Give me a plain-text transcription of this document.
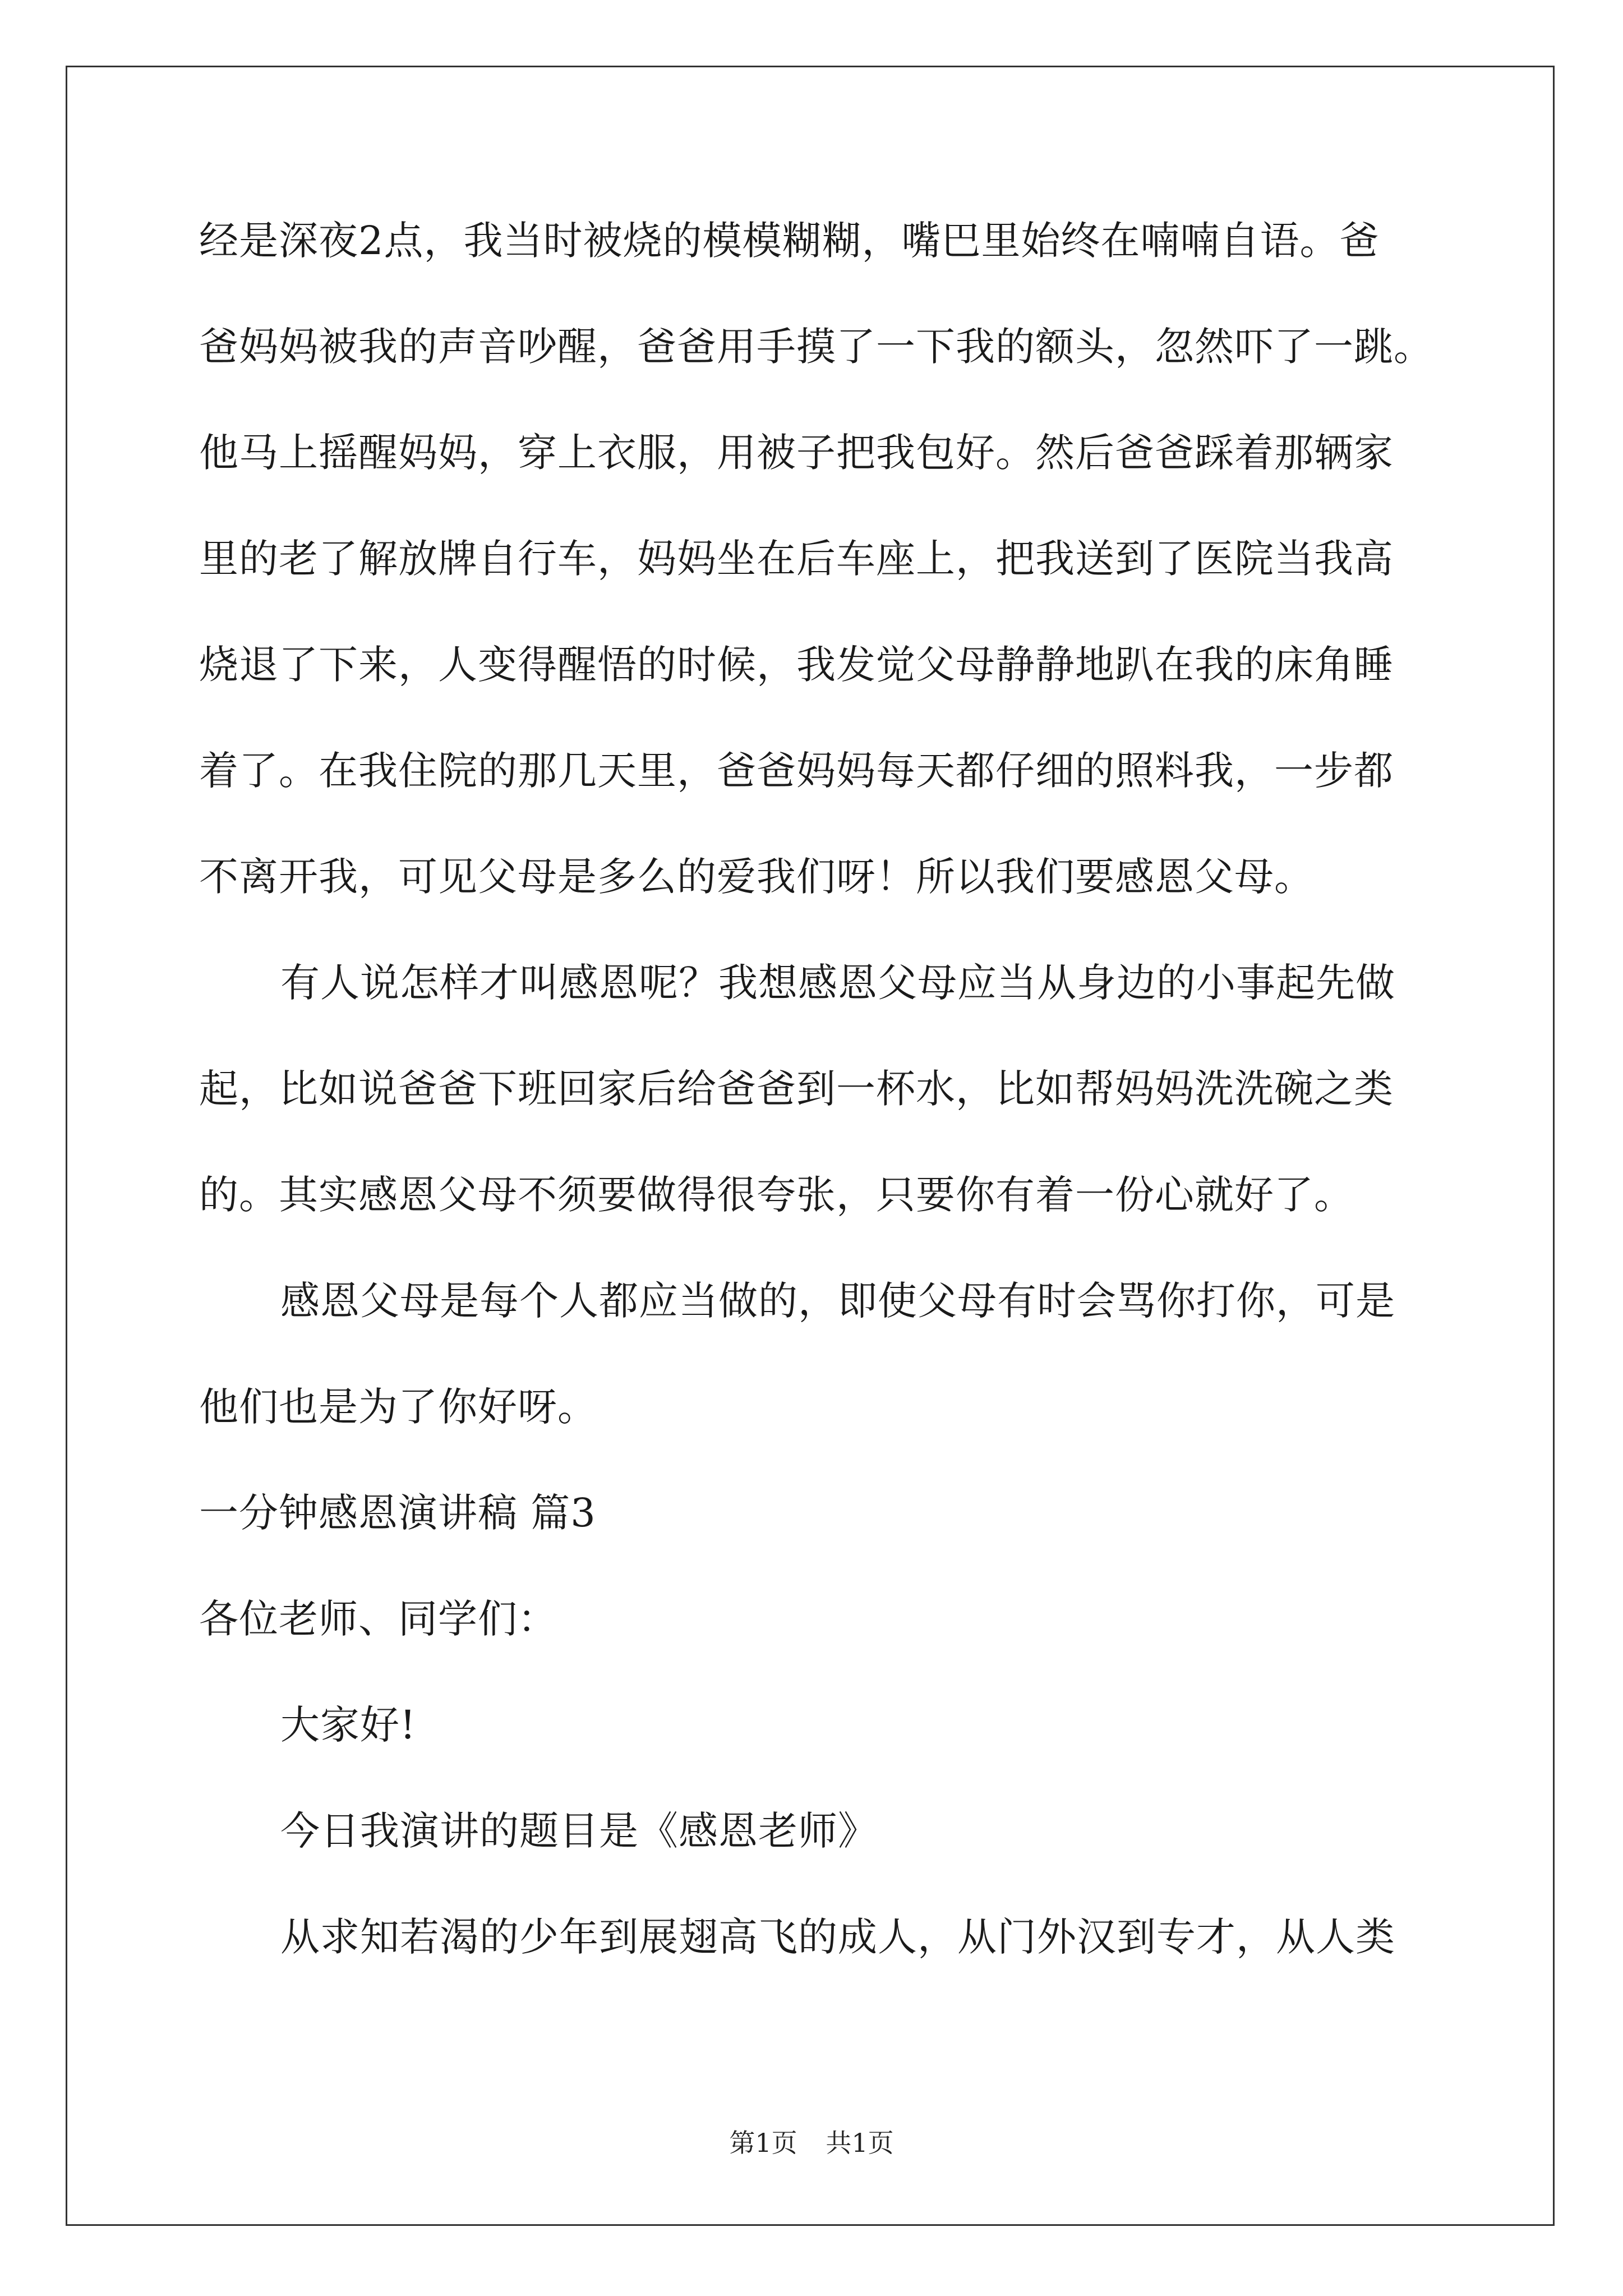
经是深夜2点，我当时被烧的模模糊糊，嘴巴里始终在喃喃自语。爸
爸妈妈被我的声音吵醒，爸爸用手摸了一下我的额头，忽然吓了一跳。
他马上摇醒妈妈，穿上衣服，用被子把我包好。然后爸爸踩着那辆家
里的老了解放牌自行车，妈妈坐在后车座上，把我送到了医院当我高
烧退了下来，人变得醒悟的时候，我发觉父母静静地趴在我的床角睡
着了。在我住院的那几天里，爸爸妈妈每天都仔细的照料我，一步都
不离开我，可见父母是多么的爱我们呀！所以我们要感恩父母。
有人说怎样才叫感恩呢？我想感恩父母应当从身边的小事起先做
起，比如说爸爸下班回家后给爸爸到一杯水，比如帮妈妈洗洗碗之类
的。其实感恩父母不须要做得很夸张，只要你有着一份心就好了。
感恩父母是每个人都应当做的，即使父母有时会骂你打你，可是
他们也是为了你好呀。
一分钟感恩演讲稿 篇3
各位老师、同学们：
大家好!
今日我演讲的题目是《感恩老师》
从求知若渴的少年到展翅高飞的成人，从门外汉到专才，从人类
第1页 共1页
